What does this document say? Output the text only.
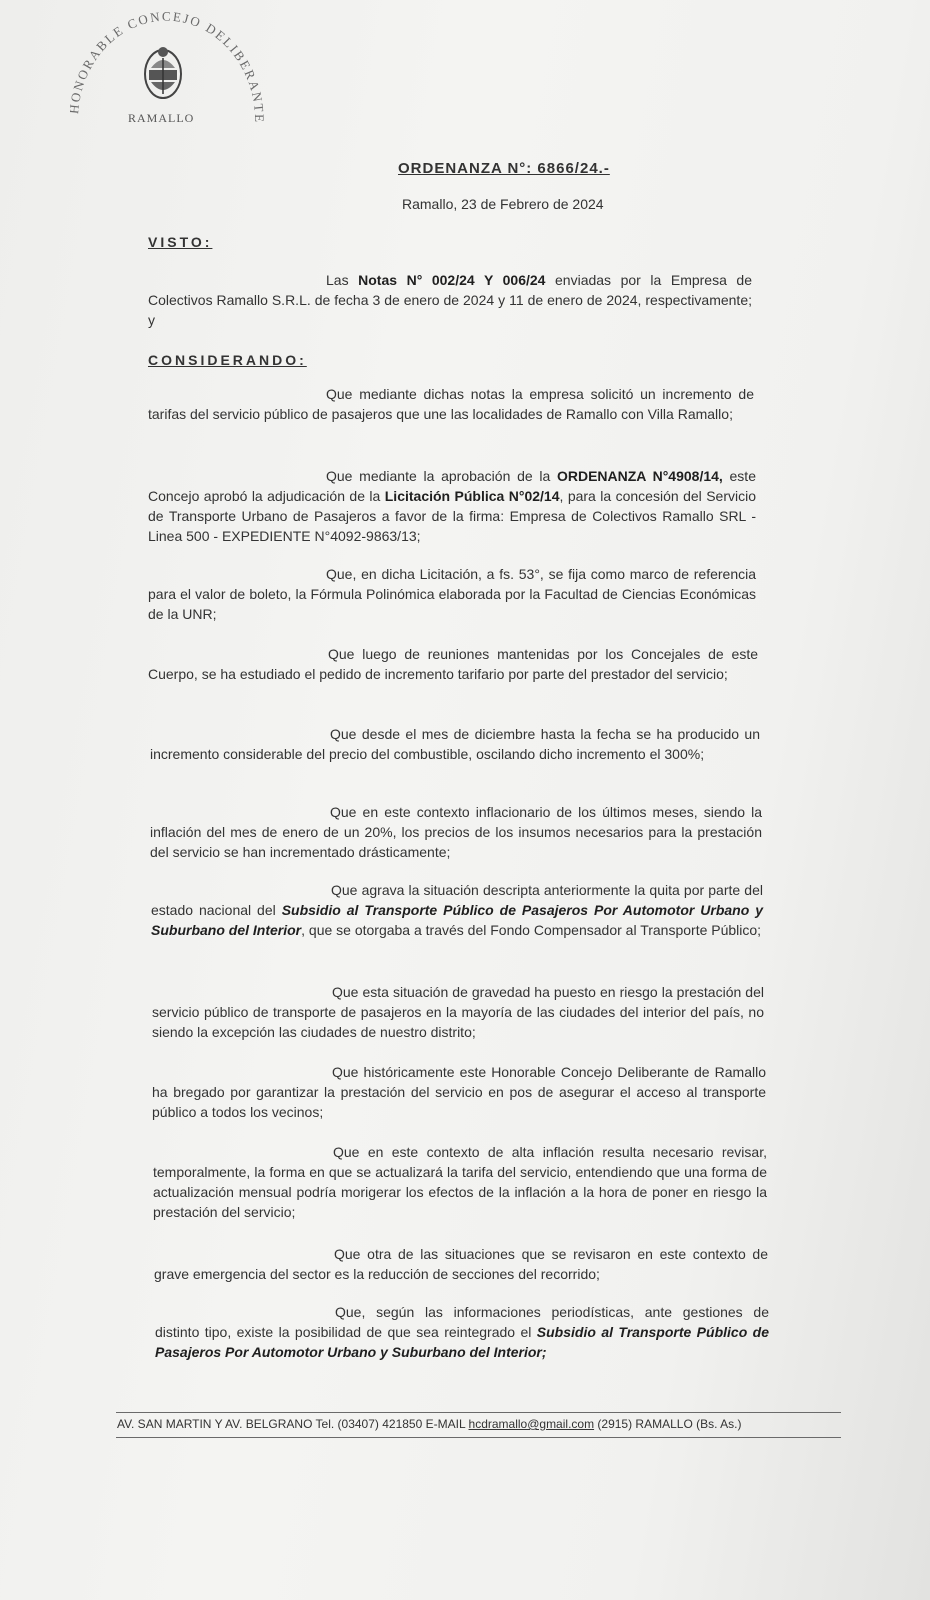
NORABLE CONCEJO DELIBERANTE
RAMALLO
ORDENANZA N°: 6866/24.-
Ramallo, 23 de Febrero de 2024
VISTO:
Las Notas N° 002/24 Y 006/24 enviadas por la Empresa de Colectivos Ramallo S.R.L. de fecha 3 de enero de 2024 y 11 de enero de 2024, respectivamente; y
CONSIDERANDO:
Que mediante dichas notas la empresa solicitó un incremento de tarifas del servicio público de pasajeros que une las localidades de Ramallo con Villa Ramallo;
Que mediante la aprobación de la ORDENANZA N°4908/14, este Concejo aprobó la adjudicación de la Licitación Pública N°02/14, para la concesión del Servicio de Transporte Urbano de Pasajeros a favor de la firma: Empresa de Colectivos Ramallo SRL - Linea 500 - EXPEDIENTE N°4092-9863/13;
Que, en dicha Licitación, a fs. 53°, se fija como marco de referencia para el valor de boleto, la Fórmula Polinómica elaborada por la Facultad de Ciencias Económicas de la UNR;
Que luego de reuniones mantenidas por los Concejales de este Cuerpo, se ha estudiado el pedido de incremento tarifario por parte del prestador del servicio;
Que desde el mes de diciembre hasta la fecha se ha producido un incremento considerable del precio del combustible, oscilando dicho incremento el 300%;
Que en este contexto inflacionario de los últimos meses, siendo la inflación del mes de enero de un 20%, los precios de los insumos necesarios para la prestación del servicio se han incrementado drásticamente;
Que agrava la situación descripta anteriormente la quita por parte del estado nacional del Subsidio al Transporte Público de Pasajeros Por Automotor Urbano y Suburbano del Interior, que se otorgaba a través del Fondo Compensador al Transporte Público;
Que esta situación de gravedad ha puesto en riesgo la prestación del servicio público de transporte de pasajeros en la mayoría de las ciudades del interior del país, no siendo la excepción las ciudades de nuestro distrito;
Que históricamente este Honorable Concejo Deliberante de Ramallo ha bregado por garantizar la prestación del servicio en pos de asegurar el acceso al transporte público a todos los vecinos;
Que en este contexto de alta inflación resulta necesario revisar, temporalmente, la forma en que se actualizará la tarifa del servicio, entendiendo que una forma de actualización mensual podría morigerar los efectos de la inflación a la hora de poner en riesgo la prestación del servicio;
Que otra de las situaciones que se revisaron en este contexto de grave emergencia del sector es la reducción de secciones del recorrido;
Que, según las informaciones periodísticas, ante gestiones de distinto tipo, existe la posibilidad de que sea reintegrado el Subsidio al Transporte Público de Pasajeros Por Automotor Urbano y Suburbano del Interior;
AV. SAN MARTIN Y AV. BELGRANO Tel. (03407) 421850 E-MAIL hcdramallo@gmail.com (2915) RAMALLO (Bs. As.)
